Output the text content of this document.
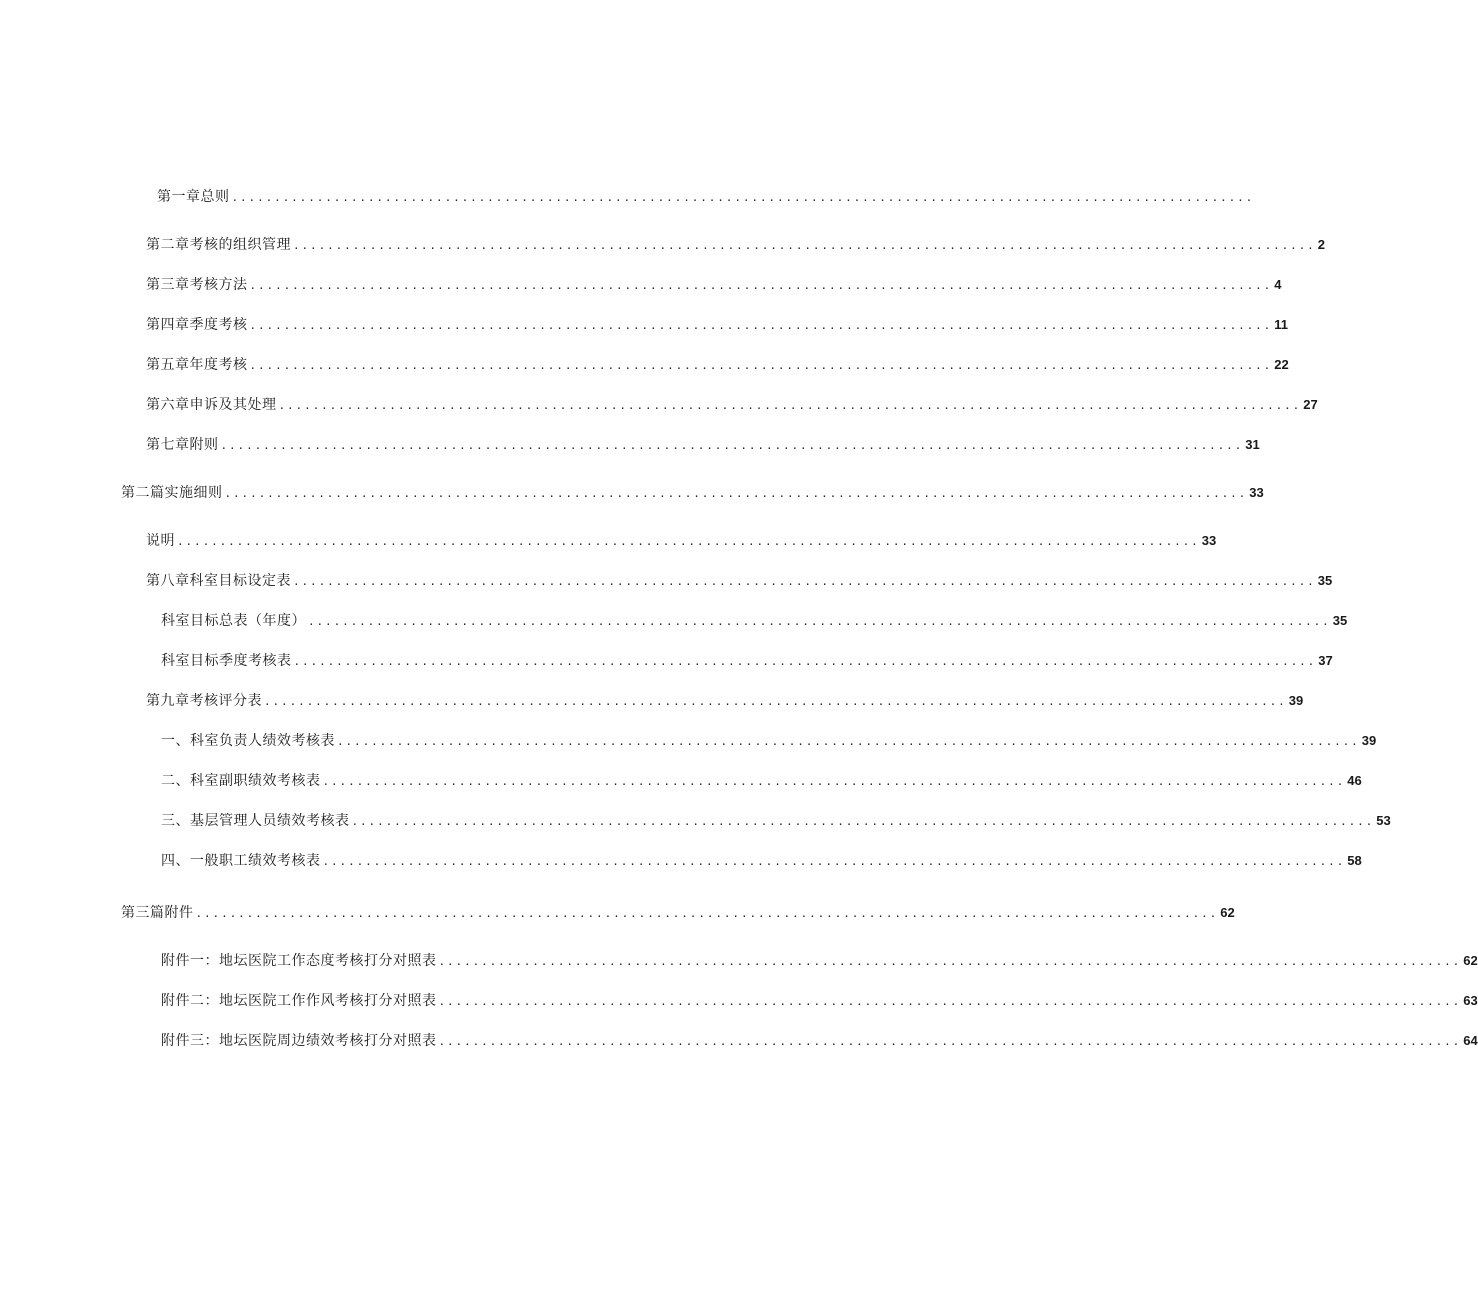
第一章总则 ........................................................................................................................
第二章考核的组织管理 ........................................................................................................................ 2
第三章考核方法 ........................................................................................................................ 4
第四章季度考核 ........................................................................................................................ 11
第五章年度考核 ........................................................................................................................ 22
第六章申诉及其处理 ........................................................................................................................ 27
第七章附则 ........................................................................................................................ 31
第二篇实施细则 ........................................................................................................................ 33
说明 ........................................................................................................................ 33
第八章科室目标设定表 ........................................................................................................................ 35
科室目标总表（年度） ........................................................................................................................ 35
科室目标季度考核表 ........................................................................................................................ 37
第九章考核评分表 ........................................................................................................................ 39
一、科室负责人绩效考核表 ........................................................................................................................ 39
二、科室副职绩效考核表 ........................................................................................................................ 46
三、基层管理人员绩效考核表 ........................................................................................................................ 53
四、一般职工绩效考核表 ........................................................................................................................ 58
第三篇附件 ........................................................................................................................ 62
附件一：地坛医院工作态度考核打分对照表 ........................................................................................................................ 62
附件二：地坛医院工作作风考核打分对照表 ........................................................................................................................ 63
附件三：地坛医院周边绩效考核打分对照表 ........................................................................................................................ 64
